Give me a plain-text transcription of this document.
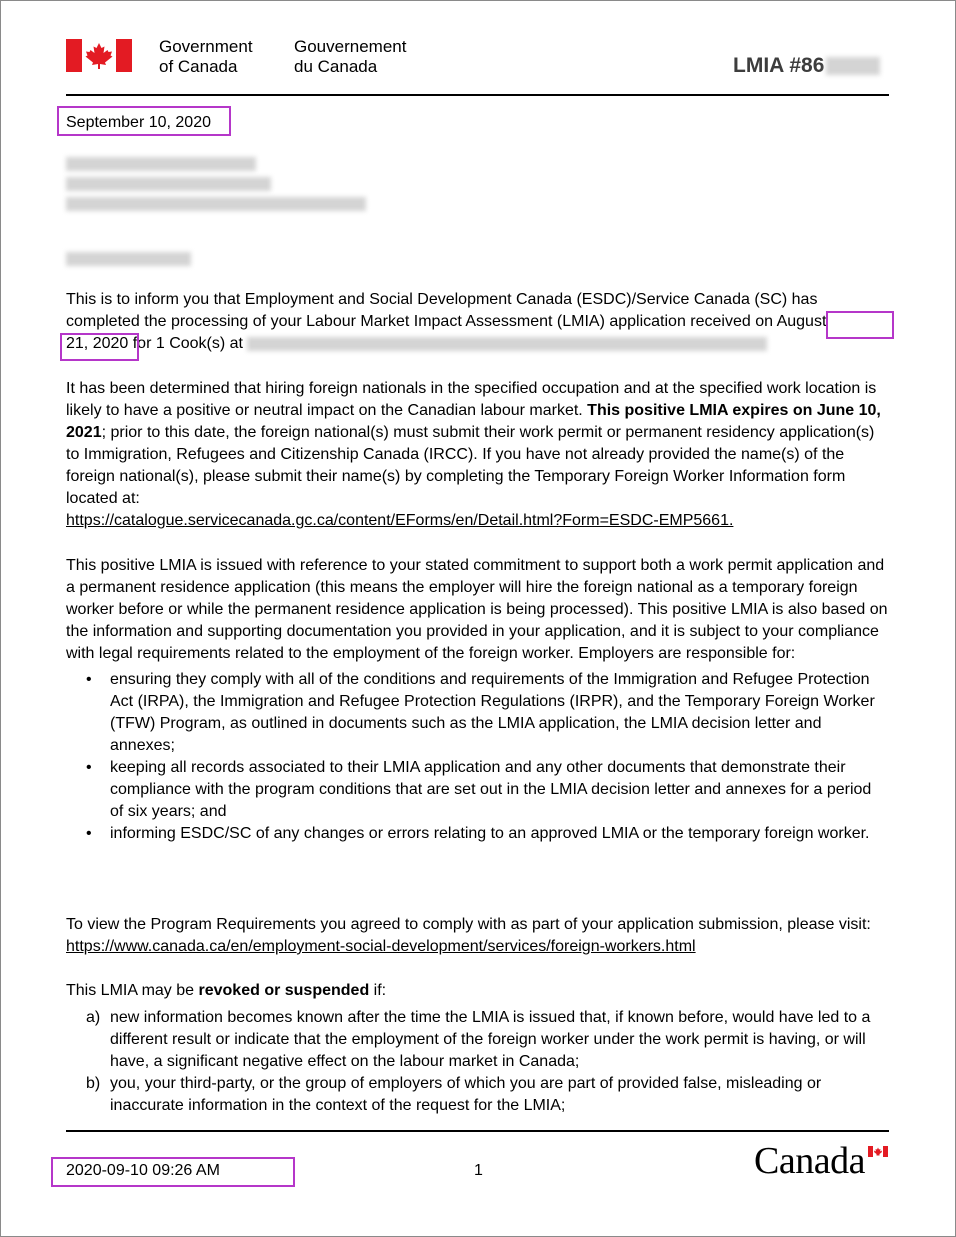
Government
of Canada
Gouvernement
du Canada	LMIA #86

September 10, 2020

This is to inform you that Employment and Social Development Canada (ESDC)/Service Canada (SC) has completed the processing of your Labour Market Impact Assessment (LMIA) application received on August
21, 2020 for 1 Cook(s) at

It has been determined that hiring foreign nationals in the specified occupation and at the specified work location is likely to have a positive or neutral impact on the Canadian labour market. This positive LMIA expires on June 10, 2021; prior to this date, the foreign national(s) must submit their work permit or permanent residency application(s) to Immigration, Refugees and Citizenship Canada (IRCC). If you have not already provided the name(s) of the foreign national(s), please submit their name(s) by completing the Temporary Foreign Worker Information form located at:
https://catalogue.servicecanada.gc.ca/content/EForms/en/Detail.html?Form=ESDC-EMP5661.

This positive LMIA is issued with reference to your stated commitment to support both a work permit application and a permanent residence application (this means the employer will hire the foreign national as a temporary foreign worker before or while the permanent residence application is being processed). This positive LMIA is also based on the information and supporting documentation you provided in your application, and it is subject to your compliance with legal requirements related to the employment of the foreign worker. Employers are responsible for:

• ensuring they comply with all of the conditions and requirements of the Immigration and Refugee Protection Act (IRPA), the Immigration and Refugee Protection Regulations (IRPR), and the Temporary Foreign Worker (TFW) Program, as outlined in documents such as the LMIA application, the LMIA decision letter and annexes;
• keeping all records associated to their LMIA application and any other documents that demonstrate their compliance with the program conditions that are set out in the LMIA decision letter and annexes for a period of six years; and
• informing ESDC/SC of any changes or errors relating to an approved LMIA or the temporary foreign worker.

To view the Program Requirements you agreed to comply with as part of your application submission, please visit: https://www.canada.ca/en/employment-social-development/services/foreign-workers.html

This LMIA may be revoked or suspended if:

a) new information becomes known after the time the LMIA is issued that, if known before, would have led to a different result or indicate that the employment of the foreign worker under the work permit is having, or will have, a significant negative effect on the labour market in Canada;
b) you, your third-party, or the group of employers of which you are part of provided false, misleading or inaccurate information in the context of the request for the LMIA;
2020-09-10 09:26 AM	1	Canada
